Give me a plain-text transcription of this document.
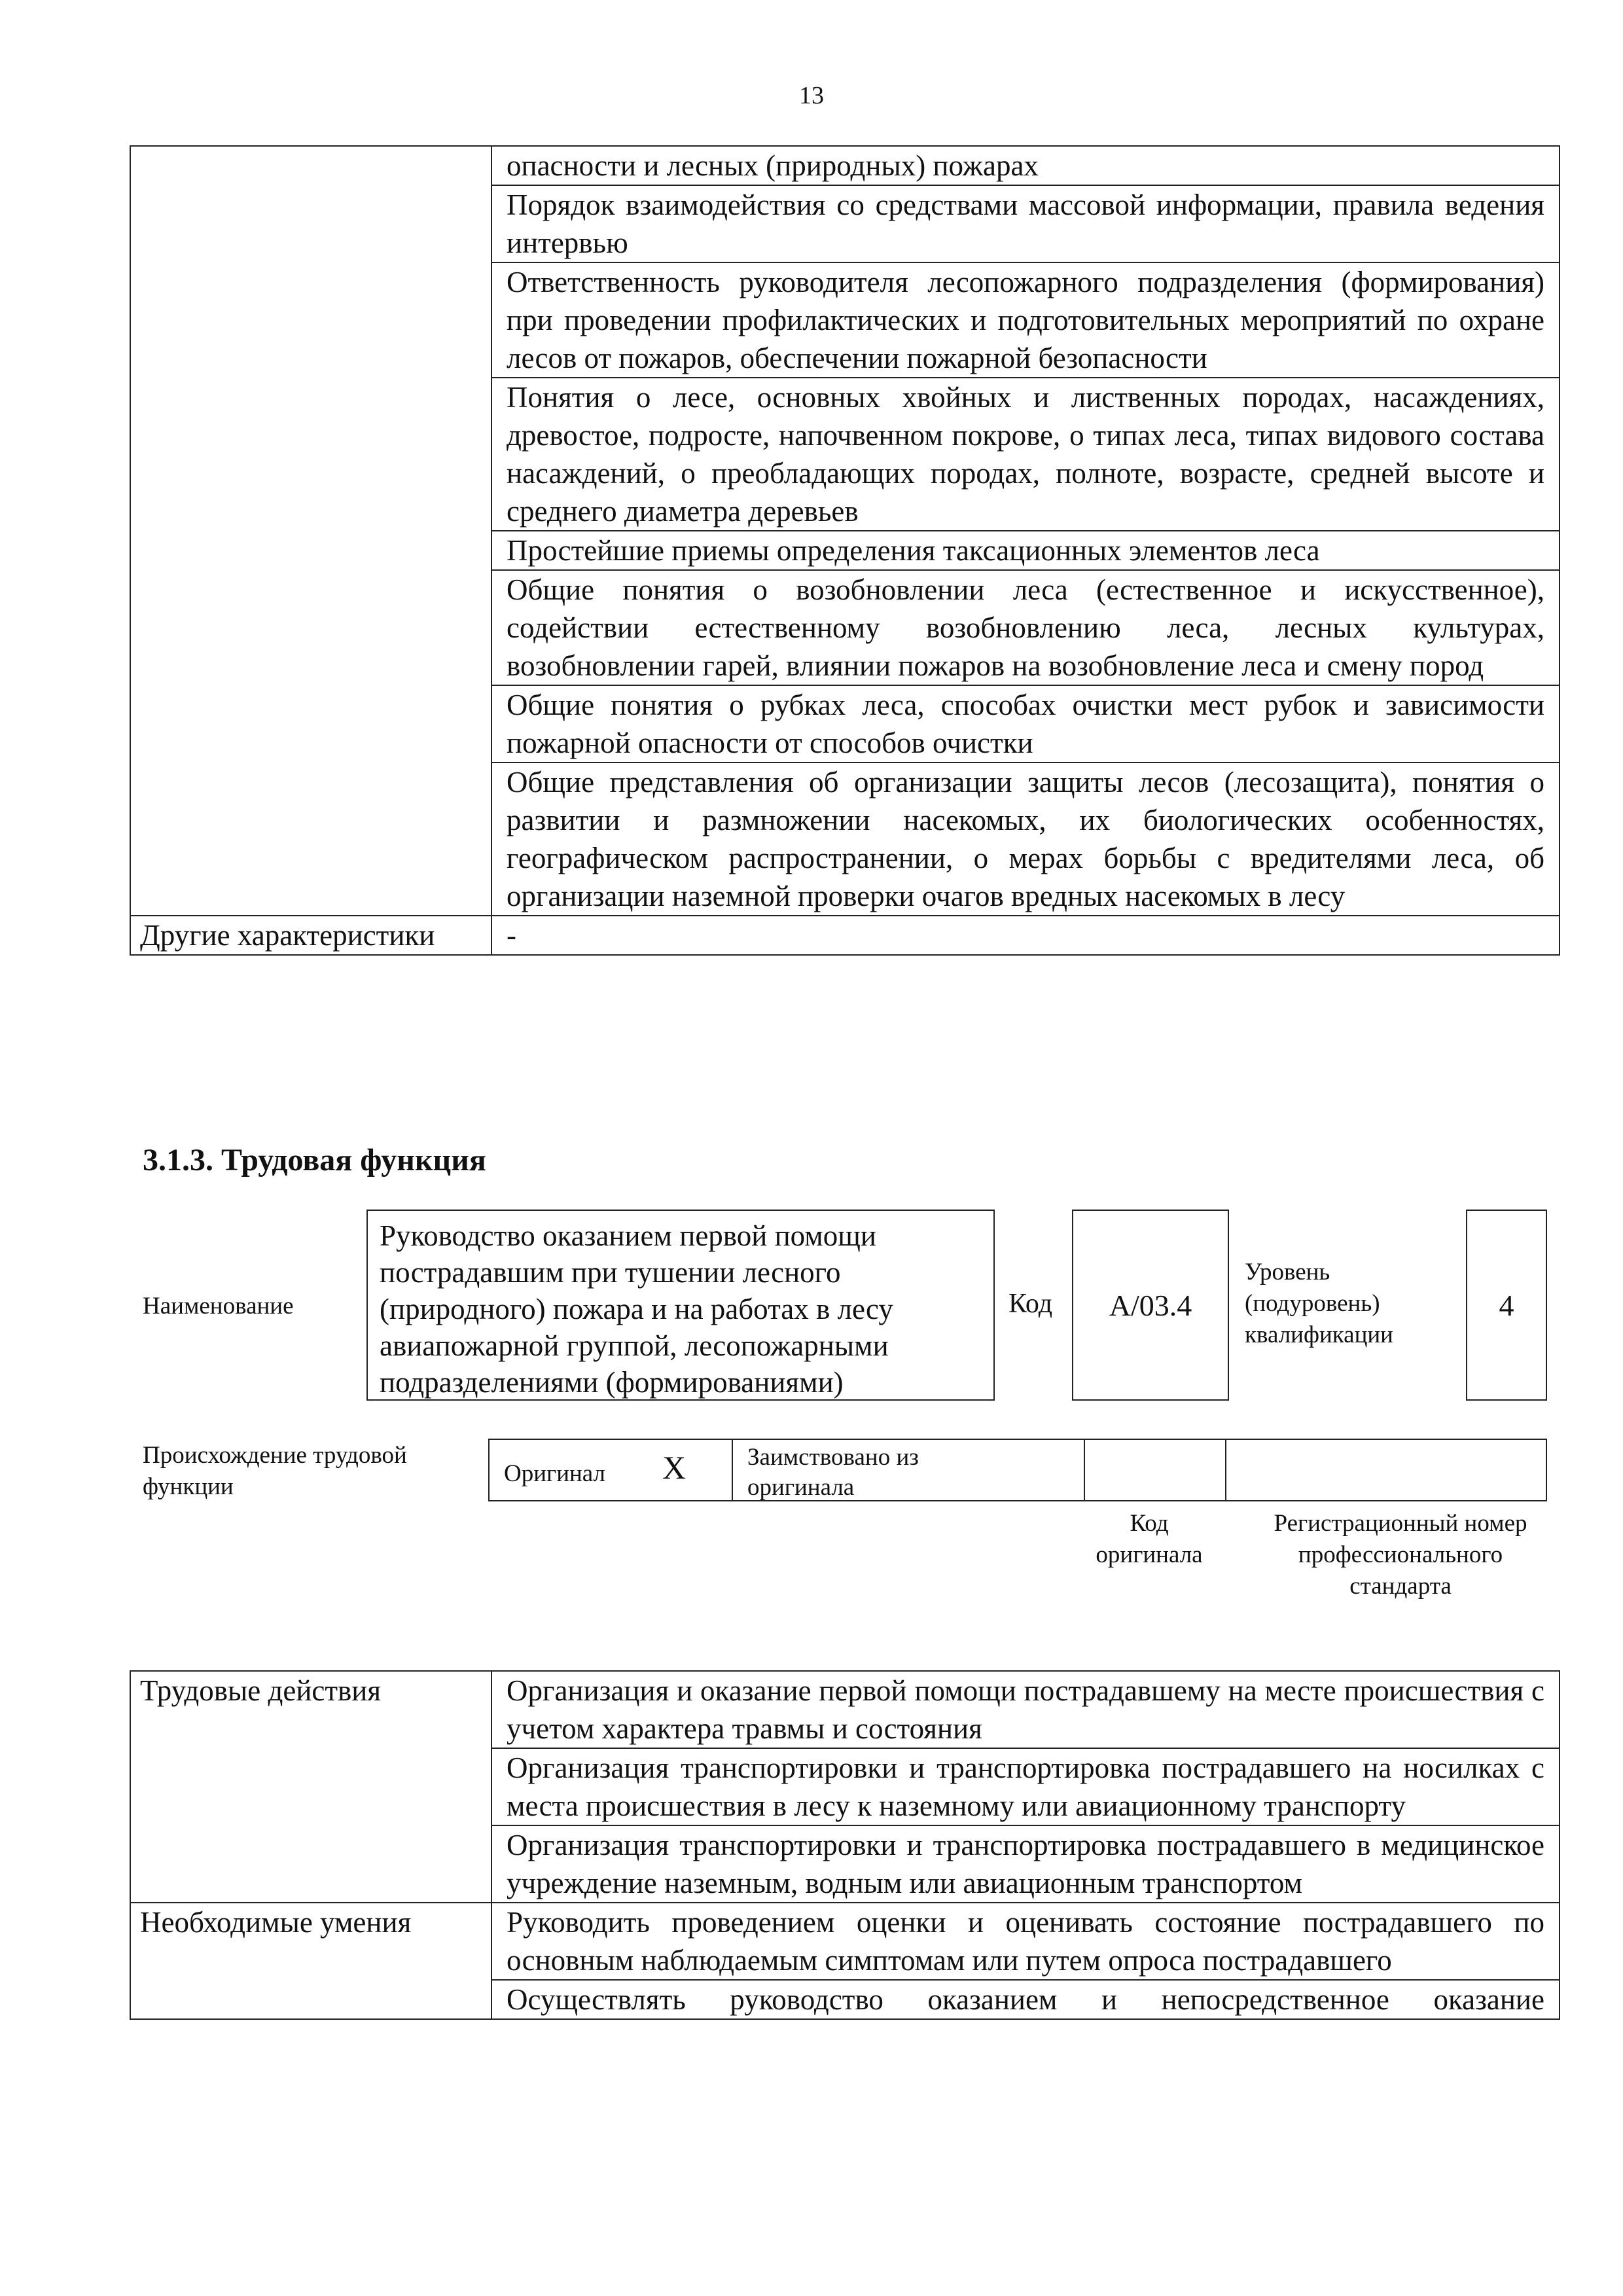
13
	опасности и лесных (природных) пожарах
	Порядок взаимодействия со средствами массовой информации, правила ведения интервью
	Ответственность руководителя лесопожарного подразделения (формирования) при проведении профилактических и подготовительных мероприятий по охране лесов от пожаров, обеспечении пожарной безопасности
	Понятия о лесе, основных хвойных и лиственных породах, насаждениях, древостое, подросте, напочвенном покрове, о типах леса, типах видового состава насаждений, о преобладающих породах, полноте, возрасте, средней высоте и среднего диаметра деревьев
	Простейшие приемы определения таксационных элементов леса
	Общие понятия о возобновлении леса (естественное и искусственное), содействии естественному возобновлению леса, лесных культурах, возобновлении гарей, влиянии пожаров на возобновление леса и смену пород
	Общие понятия о рубках леса, способах очистки мест рубок и зависимости пожарной опасности от способов очистки
	Общие представления об организации защиты лесов (лесозащита), понятия о развитии и размножении насекомых, их биологических особенностях, географическом распространении, о мерах борьбы с вредителями леса, об организации наземной проверки очагов вредных насекомых в лесу
Другие характеристики	-
3.1.3. Трудовая функция
Наименование
Руководство оказанием первой помощи пострадавшим при тушении лесного (природного) пожара и на работах в лесу авиапожарной группой, лесопожарными подразделениями (формированиями)
Код	А/03.4
Уровень (подуровень) квалификации
4
Происхождение трудовой функции	Оригинал X	Заимствовано из оригинала
Код оригинала
Регистрационный номер профессионального стандарта
Трудовые действия	Организация и оказание первой помощи пострадавшему на месте происшествия с учетом характера травмы и состояния
	Организация транспортировки и транспортировка пострадавшего на носилках с места происшествия в лесу к наземному или авиационному транспорту
	Организация транспортировки и транспортировка пострадавшего в медицинское учреждение наземным, водным или авиационным транспортом
Необходимые умения	Руководить проведением оценки и оценивать состояние пострадавшего по основным наблюдаемым симптомам или путем опроса пострадавшего
	Осуществлять руководство оказанием и непосредственное оказание
